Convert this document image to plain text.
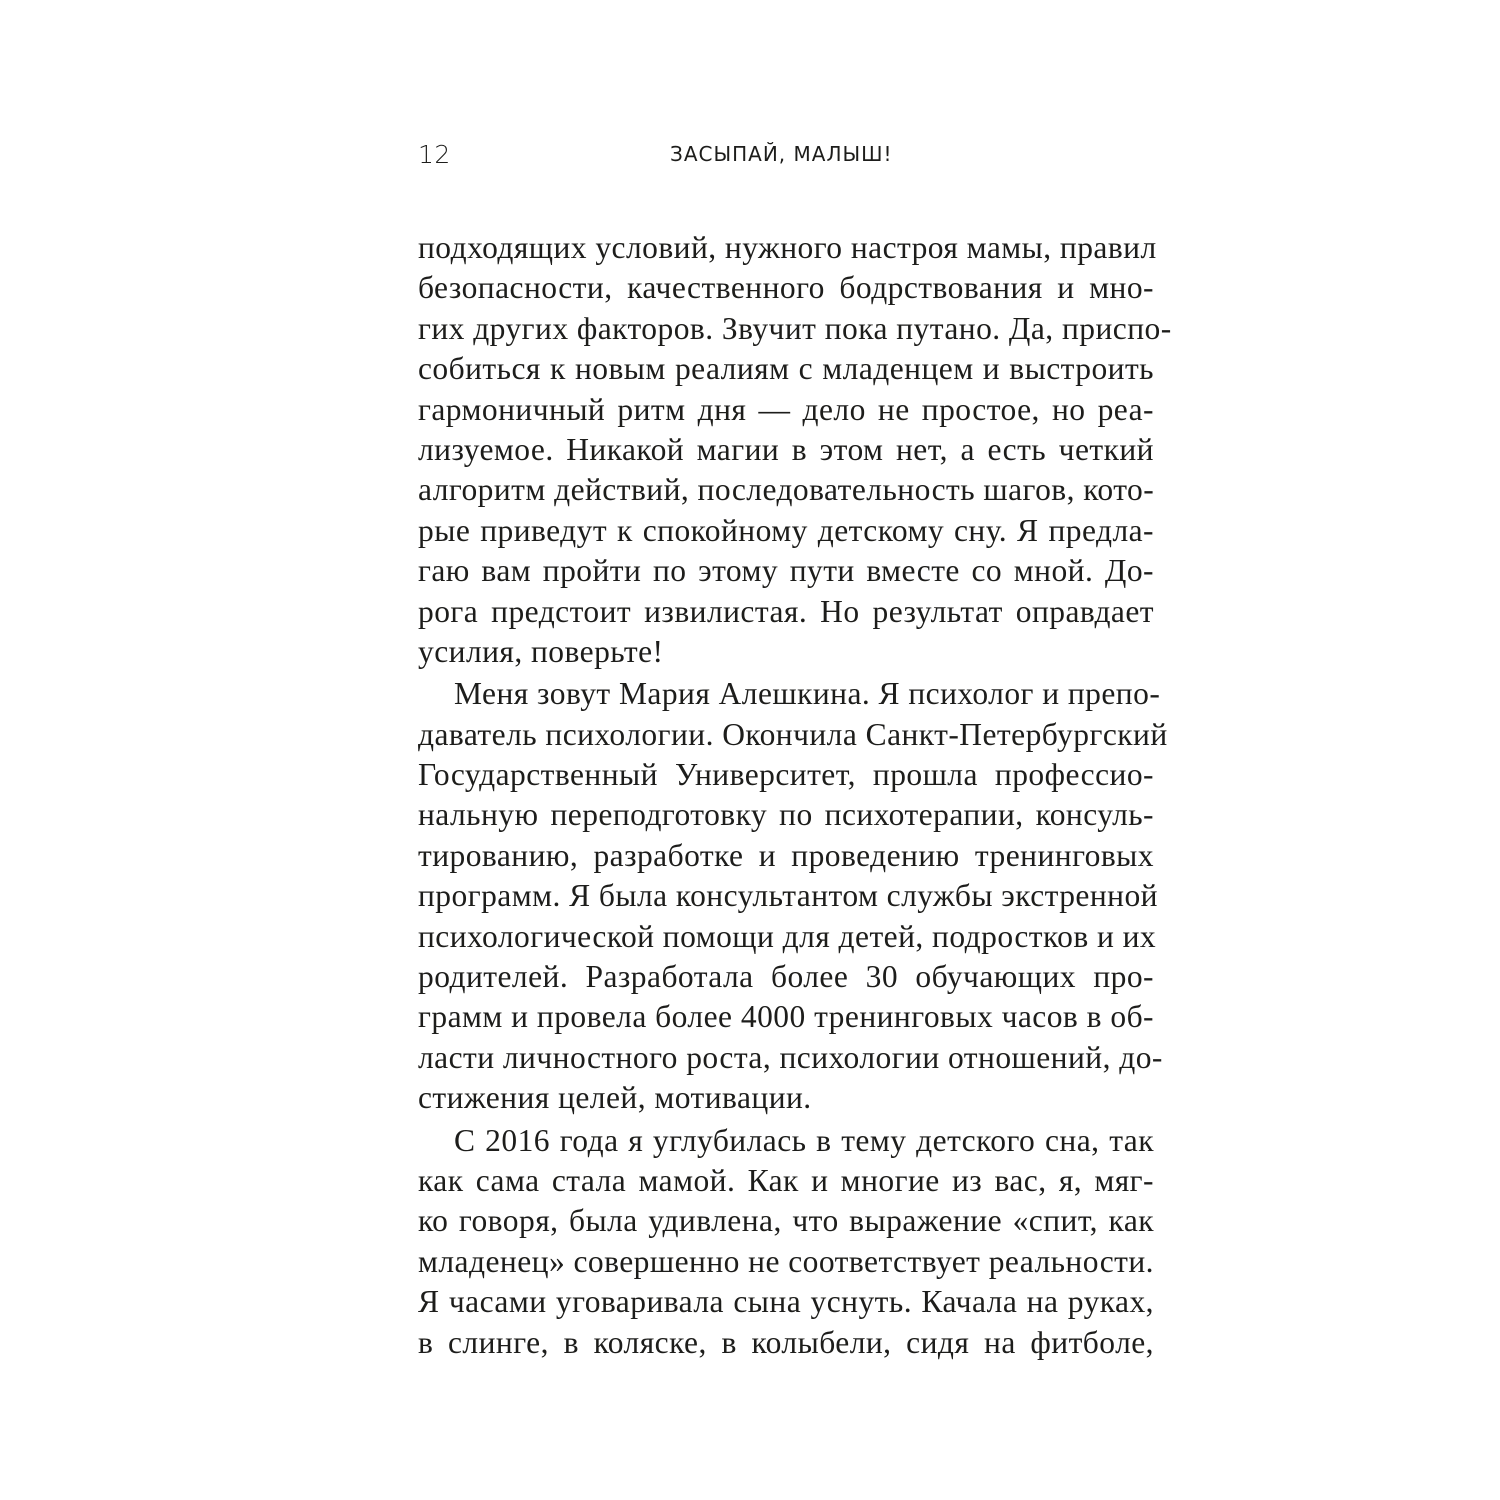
12	ЗАСЫПАЙ, МАЛЫШ!
подходящих условий, нужного настроя мамы, правил
безопасности, качественного бодрствования и мно-
гих других факторов. Звучит пока путано. Да, приспо-
собиться к новым реалиям с младенцем и выстроить
гармоничный ритм дня — дело не простое, но реа-
лизуемое. Никакой магии в этом нет, а есть четкий
алгоритм действий, последовательность шагов, кото-
рые приведут к спокойному детскому сну. Я предла-
гаю вам пройти по этому пути вместе со мной. До-
рога предстоит извилистая. Но результат оправдает
усилия, поверьте!
Меня зовут Мария Алешкина. Я психолог и препо-
даватель психологии. Окончила Санкт-Петербургский
Государственный Университет, прошла профессио-
нальную переподготовку по психотерапии, консуль-
тированию, разработке и проведению тренинговых
программ. Я была консультантом службы экстренной
психологической помощи для детей, подростков и их
родителей. Разработала более 30 обучающих про-
грамм и провела более 4000 тренинговых часов в об-
ласти личностного роста, психологии отношений, до-
стижения целей, мотивации.
С 2016 года я углубилась в тему детского сна, так
как сама стала мамой. Как и многие из вас, я, мяг-
ко говоря, была удивлена, что выражение «спит, как
младенец» совершенно не соответствует реальности.
Я часами уговаривала сына уснуть. Качала на руках,
в слинге, в коляске, в колыбели, сидя на фитболе,
